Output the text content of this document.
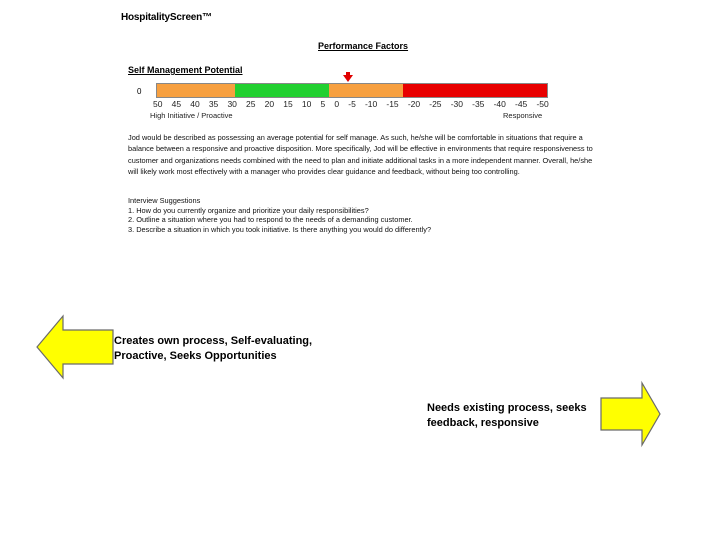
HospitalityScreen™
Performance Factors
Self Management Potential
0
50 45 40 35 30 25 20 15 10 5 0 -5 -10 -15 -20 -25 -30 -35 -40 -45 -50
High Initiative / Proactive	Responsive
Jod would be described as possessing an average potential for self manage. As such, he/she will be comfortable in situations that require a balance between a responsive and proactive disposition. More specifically, Jod will be effective in environments that require responsiveness to customer and organizations needs combined with the need to plan and initiate additional tasks in a more independent manner. Overall, he/she will likely work most effectively with a manager who provides clear guidance and feedback, without being too controlling.
Interview Suggestions
1. How do you currently organize and prioritize your daily responsibilities?
2. Outline a situation where you had to respond to the needs of a demanding customer.
3. Describe a situation in which you took initiative. Is there anything you would do differently?
Creates own process, Self-evaluating, Proactive, Seeks Opportunities
Needs existing process, seeks feedback, responsive
